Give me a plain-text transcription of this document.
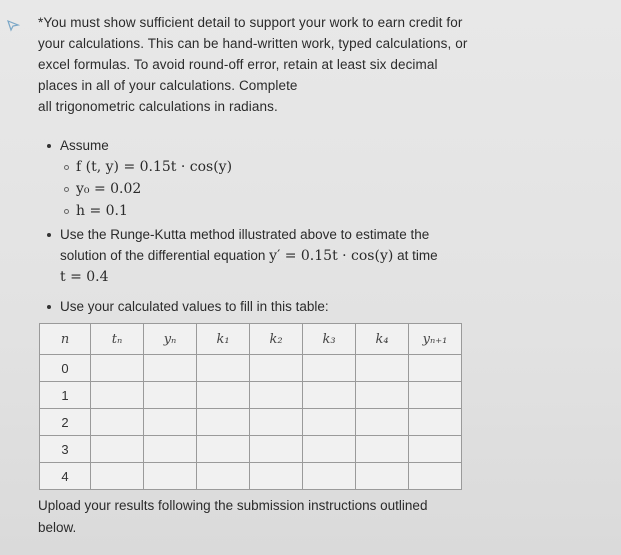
*You must show sufficient detail to support your work to earn credit for

your calculations. This can be hand-written work, typed calculations, or

excel formulas. To avoid round-off error, retain at least six decimal

places in all of your calculations. Complete

all trigonometric calculations in radians.

Assume
f (t, y) = 0.15t · cos(y)
y₀ = 0.02
h = 0.1
Use the Runge-Kutta method illustrated above to estimate the
solution of the differential equation y′ = 0.15t · cos(y) at time
t = 0.4
Use your calculated values to fill in this table:
n	tₙ	yₙ	k₁	k₂	k₃	k₄	yₙ₊₁
0							
1							
2							
3							
4							
Upload your results following the submission instructions outlined
below.
